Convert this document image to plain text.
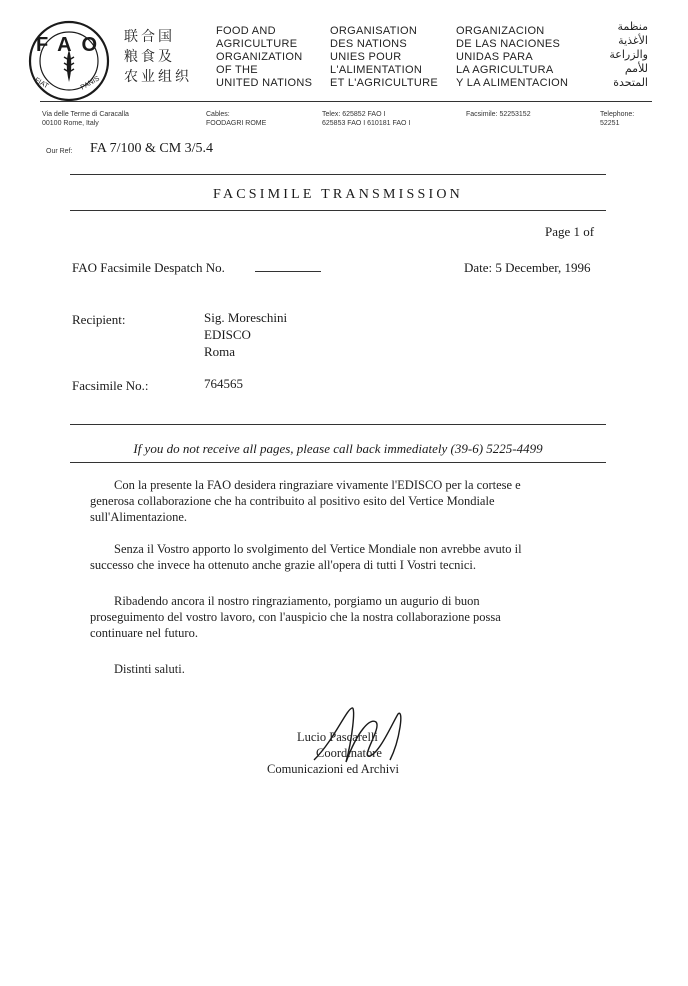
FAO
FIAT	PANIS
联合国
粮食及
农业组织
FOOD AND
AGRICULTURE
ORGANIZATION
OF THE
UNITED NATIONS
ORGANISATION
DES NATIONS
UNIES POUR
L'ALIMENTATION
ET L'AGRICULTURE
ORGANIZACION
DE LAS NACIONES
UNIDAS PARA
LA AGRICULTURA
Y LA ALIMENTACION
منظمة
الأغذية
والزراعة
للأمم
المتحدة
Via delle Terme di Caracalla
00100 Rome, Italy
Cables:
FOODAGRI ROME
Telex: 625852 FAO I
625853 FAO I 610181 FAO I
Facsimile: 52253152	Telephone:
52251
Our Ref: FA 7/100 & CM 3/5.4
FACSIMILE TRANSMISSION
Page 1 of
FAO Facsimile Despatch No.	Date: 5 December, 1996
Recipient:	Sig. Moreschini
EDISCO
Roma
Facsimile No.:	764565
If you do not receive all pages, please call back immediately (39-6) 5225-4499
Con la presente la FAO desidera ringraziare vivamente l'EDISCO per la cortese e
generosa collaborazione che ha contribuito al positivo esito del Vertice Mondiale
sull'Alimentazione.
Senza il Vostro apporto lo svolgimento del Vertice Mondiale non avrebbe avuto il
successo che invece ha ottenuto anche grazie all'opera di tutti I Vostri tecnici.
Ribadendo ancora il nostro ringraziamento, porgiamo un augurio di buon
proseguimento del vostro lavoro, con l'auspicio che la nostra collaborazione possa
continuare nel futuro.
Distinti saluti.
Lucio Pascarelli
Coordinatore
Comunicazioni ed Archivi
